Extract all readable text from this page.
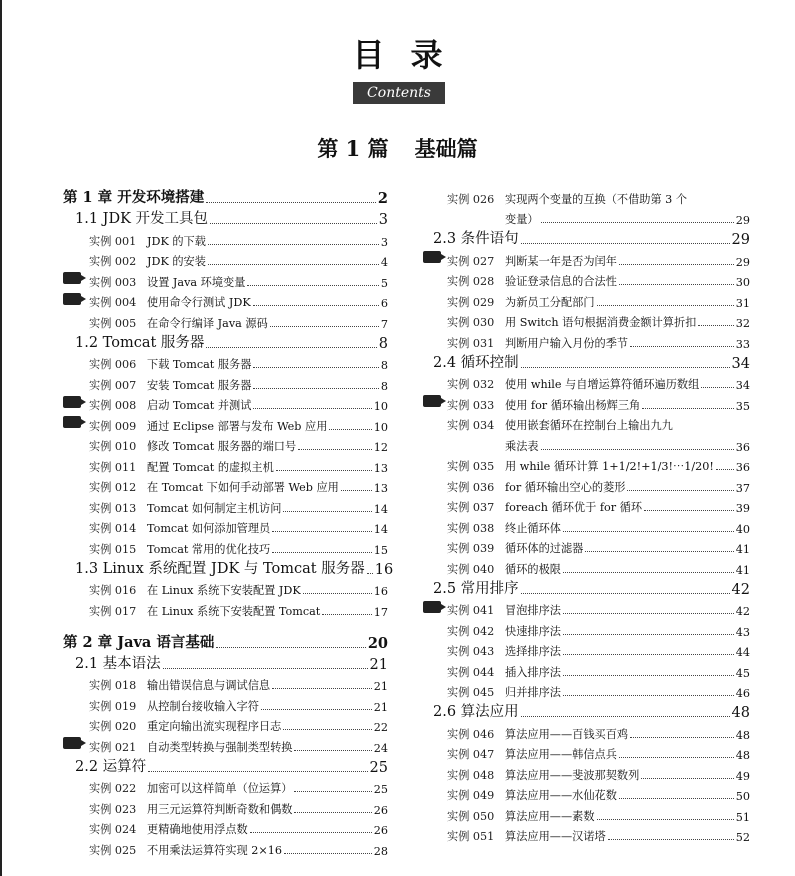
目录
Contents
第 1 篇 基础篇
第 1 章 开发环境搭建	2
1.1 JDK 开发工具包	3
实例 001 JDK 的下载	3
实例 002 JDK 的安装	4
实例 003 设置 Java 环境变量	5
实例 004 使用命令行测试 JDK	6
实例 005 在命令行编译 Java 源码	7
1.2 Tomcat 服务器	8
实例 006 下载 Tomcat 服务器	8
实例 007 安装 Tomcat 服务器	8
实例 008 启动 Tomcat 并测试	10
实例 009 通过 Eclipse 部署与发布 Web 应用	10
实例 010 修改 Tomcat 服务器的端口号	12
实例 011 配置 Tomcat 的虚拟主机	13
实例 012 在 Tomcat 下如何手动部署 Web 应用	13
实例 013 Tomcat 如何制定主机访问	14
实例 014 Tomcat 如何添加管理员	14
实例 015 Tomcat 常用的优化技巧	15
1.3 Linux 系统配置 JDK 与 Tomcat 服务器 16
实例 016 在 Linux 系统下安装配置 JDK	16
实例 017 在 Linux 系统下安装配置 Tomcat	17
第 2 章 Java 语言基础	20
2.1 基本语法	21
实例 018 输出错误信息与调试信息	21
实例 019 从控制台接收输入字符	21
实例 020 重定向输出流实现程序日志	22
实例 021 自动类型转换与强制类型转换	24
2.2 运算符	25
实例 022 加密可以这样简单（位运算）	25
实例 023 用三元运算符判断奇数和偶数	26
实例 024 更精确地使用浮点数	26
实例 025 不用乘法运算符实现 2×16	28
实例 026 实现两个变量的互换（不借助第 3 个
变量）	29
2.3 条件语句	29
实例 027 判断某一年是否为闰年	29
实例 028 验证登录信息的合法性	30
实例 029 为新员工分配部门	31
实例 030 用 Switch 语句根据消费金额计算折扣	32
实例 031 判断用户输入月份的季节	33
2.4 循环控制	34
实例 032 使用 while 与自增运算符循环遍历数组	34
实例 033 使用 for 循环输出杨辉三角	35
实例 034 使用嵌套循环在控制台上输出九九
乘法表	36
实例 035 用 while 循环计算 1+1/2!+1/3!⋯1/20! 36
实例 036 for 循环输出空心的菱形	37
实例 037 foreach 循环优于 for 循环	39
实例 038 终止循环体	40
实例 039 循环体的过滤器	41
实例 040 循环的极限	41
2.5 常用排序	42
实例 041 冒泡排序法	42
实例 042 快速排序法	43
实例 043 选择排序法	44
实例 044 插入排序法	45
实例 045 归并排序法	46
2.6 算法应用	48
实例 046 算法应用——百钱买百鸡	48
实例 047 算法应用——韩信点兵	48
实例 048 算法应用——斐波那契数列	49
实例 049 算法应用——水仙花数	50
实例 050 算法应用——素数	51
实例 051 算法应用——汉诺塔	52
